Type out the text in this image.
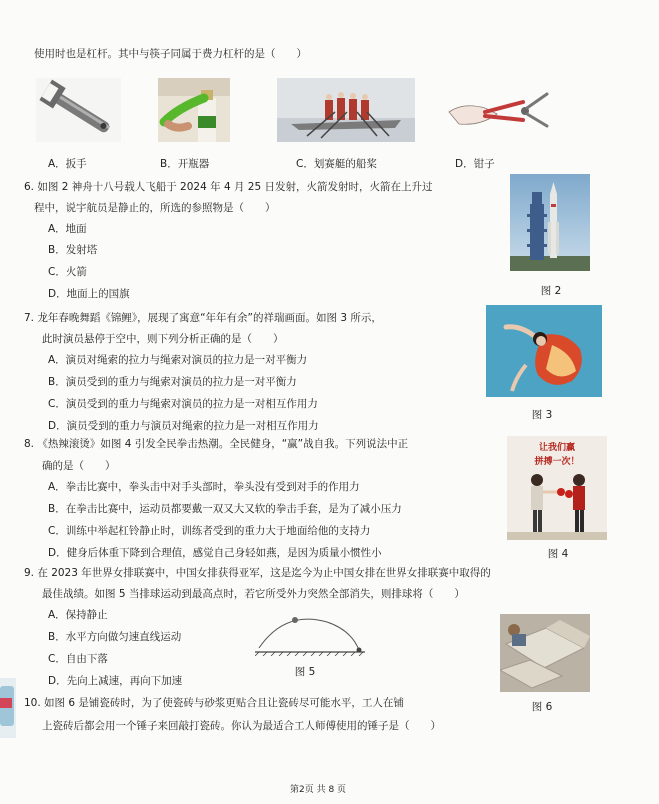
使用时也是杠杆。其中与筷子同属于费力杠杆的是（　　）
A．扳手	B．开瓶器	C．划赛艇的船桨	D．钳子
6. 如图 2 神舟十八号载人飞船于 2024 年 4 月 25 日发射，火箭发射时，火箭在上升过
程中，说宇航员是静止的，所选的参照物是（　　）
A．地面
B．发射塔
C．火箭
D．地面上的国旗	图 2
7. 龙年春晚舞蹈《锦鲤》，展现了寓意“年年有余”的祥瑞画面。如图 3 所示，
此时演员悬停于空中，则下列分析正确的是（　　）
A．演员对绳索的拉力与绳索对演员的拉力是一对平衡力
B．演员受到的重力与绳索对演员的拉力是一对平衡力
C．演员受到的重力与绳索对演员的拉力是一对相互作用力
D．演员受到的重力与演员对绳索的拉力是一对相互作用力
图 3
8. 《热辣滚烫》如图 4 引发全民拳击热潮。全民健身，“赢”战自我。下列说法中正
确的是（　　）
A．拳击比赛中，拳头击中对手头部时，拳头没有受到对手的作用力
B．在拳击比赛中，运动员都要戴一双又大又软的拳击手套，是为了减小压力
C．训练中举起杠铃静止时，训练者受到的重力大于地面给他的支持力
D．健身后体重下降到合理值，感觉自己身轻如燕，是因为质量小惯性小
让我们赢
拼搏一次！
图 4
9. 在 2023 年世界女排联赛中，中国女排获得亚军，这是迄今为止中国女排在世界女排联赛中取得的
最佳战绩。如图 5 当排球运动到最高点时，若它所受外力突然全部消失，则排球将（　　）
A．保持静止
B．水平方向做匀速直线运动
C．自由下落
D．先向上减速，再向下加速
图 5
图 6
10. 如图 6 是铺瓷砖时，为了使瓷砖与砂浆更贴合且让瓷砖尽可能水平，工人在铺
上瓷砖后都会用一个锤子来回敲打瓷砖。你认为最适合工人师傅使用的锤子是（　　）
第2页 共 8 页
